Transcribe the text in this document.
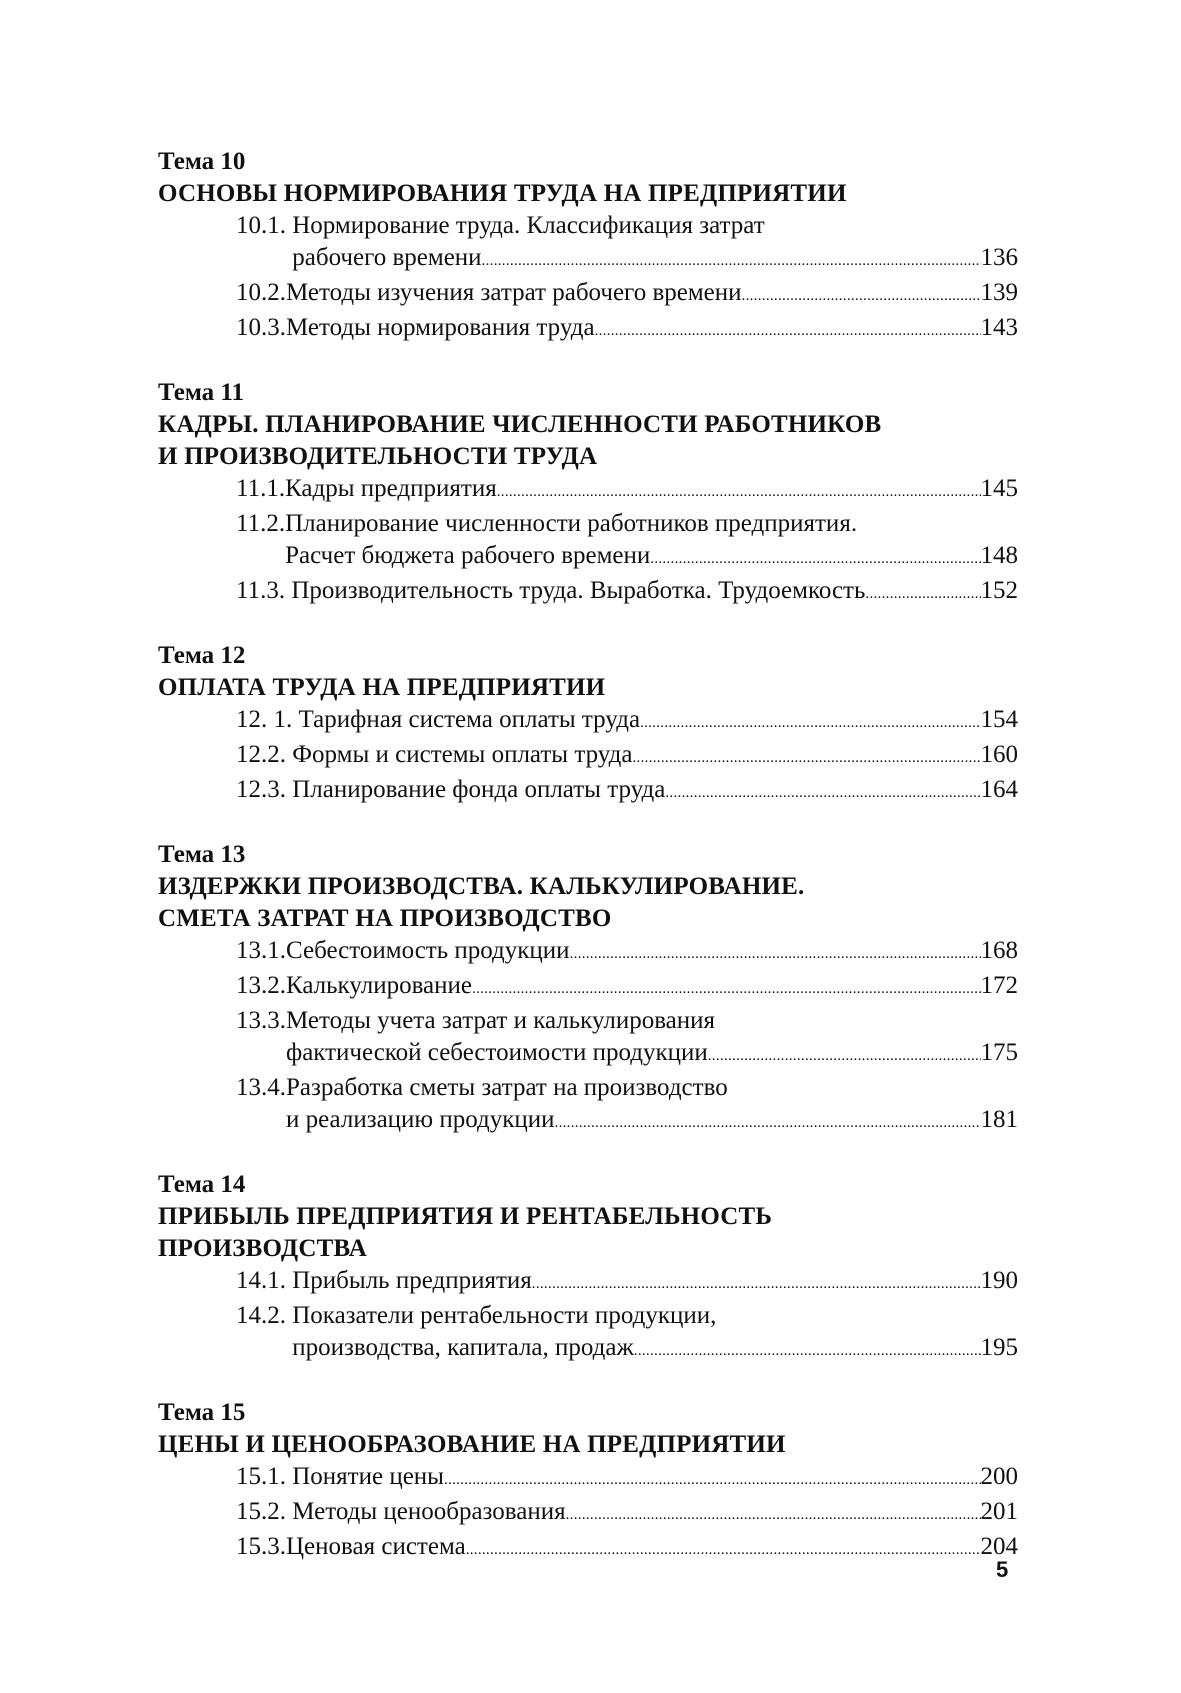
Тема 10
ОСНОВЫ НОРМИРОВАНИЯ ТРУДА НА ПРЕДПРИЯТИИ
10.1. Нормирование труда. Классификация затрат
рабочего времени .....	136
10.2. Методы изучения затрат рабочего времени .....	139
10.3. Методы нормирования труда .....	143
Тема 11
КАДРЫ. ПЛАНИРОВАНИЕ ЧИСЛЕННОСТИ РАБОТНИКОВ
И ПРОИЗВОДИТЕЛЬНОСТИ ТРУДА
11.1. Кадры предприятия .....	145
11.2. Планирование численности работников предприятия.
Расчет бюджета рабочего времени .....	148
11.3. Производительность труда. Выработка. Трудоемкость .....	152
Тема 12
ОПЛАТА ТРУДА НА ПРЕДПРИЯТИИ
12. 1. Тарифная система оплаты труда .....	154
12.2. Формы и системы оплаты труда .....	160
12.3. Планирование фонда оплаты труда .....	164
Тема 13
ИЗДЕРЖКИ ПРОИЗВОДСТВА. КАЛЬКУЛИРОВАНИЕ.
СМЕТА ЗАТРАТ НА ПРОИЗВОДСТВО
13.1. Себестоимость продукции .....	168
13.2. Калькулирование .....	172
13.3. Методы учета затрат и калькулирования
фактической себестоимости продукции .....	175
13.4. Разработка сметы затрат на производство
и реализацию продукции .....	181
Тема 14
ПРИБЫЛЬ ПРЕДПРИЯТИЯ И РЕНТАБЕЛЬНОСТЬ
ПРОИЗВОДСТВА
14.1. Прибыль предприятия .....	190
14.2. Показатели рентабельности продукции,
производства, капитала, продаж .....	195
Тема 15
ЦЕНЫ И ЦЕНООБРАЗОВАНИЕ НА ПРЕДПРИЯТИИ
15.1. Понятие цены .....	200
15.2. Методы ценообразования .....	201
15.3. Ценовая система .....	204
5
